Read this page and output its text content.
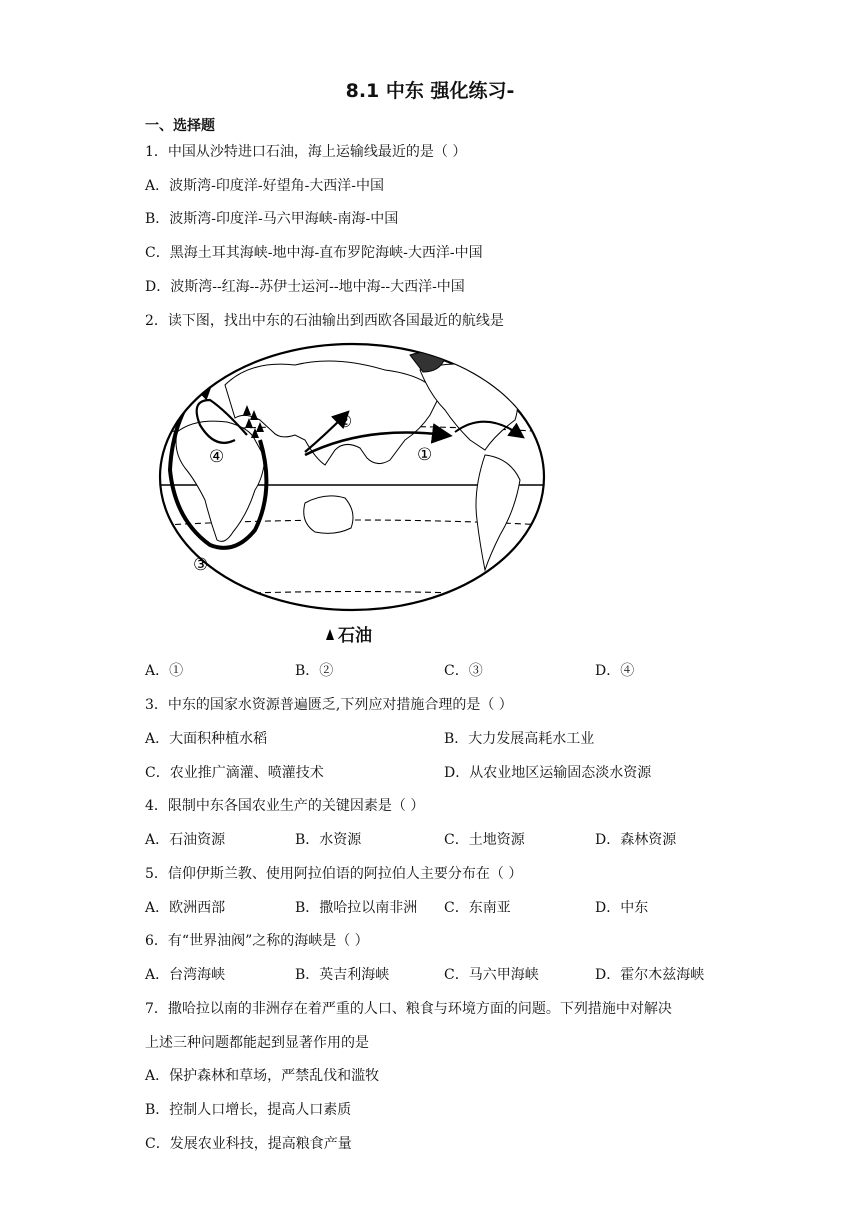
8.1 中东 强化练习-
一、选择题
1．中国从沙特进口石油，海上运输线最近的是（ ）
A．波斯湾-印度洋-好望角-大西洋-中国
B．波斯湾-印度洋-马六甲海峡-南海-中国
C．黑海土耳其海峡-地中海-直布罗陀海峡-大西洋-中国
D．波斯湾--红海--苏伊士运河--地中海--大西洋-中国
2．读下图，找出中东的石油输出到西欧各国最近的航线是
①
②
③
④
石油
A．①	B．②	C．③	D．④
3．中东的国家水资源普遍匮乏,下列应对措施合理的是（ ）
A．大面积种植水稻	B．大力发展高耗水工业
C．农业推广滴灌、喷灌技术	D．从农业地区运输固态淡水资源
4．限制中东各国农业生产的关键因素是（ ）
A．石油资源	B．水资源	C．土地资源	D．森林资源
5．信仰伊斯兰教、使用阿拉伯语的阿拉伯人主要分布在（ ）
A．欧洲西部	B．撒哈拉以南非洲 C．东南亚	D．中东
6．有“世界油阀”之称的海峡是（ ）
A．台湾海峡	B．英吉利海峡	C．马六甲海峡	D．霍尔木兹海峡
7．撒哈拉以南的非洲存在着严重的人口、粮食与环境方面的问题。下列措施中对解决
上述三种问题都能起到显著作用的是
A．保护森林和草场，严禁乱伐和滥牧
B．控制人口增长，提高人口素质
C．发展农业科技，提高粮食产量
